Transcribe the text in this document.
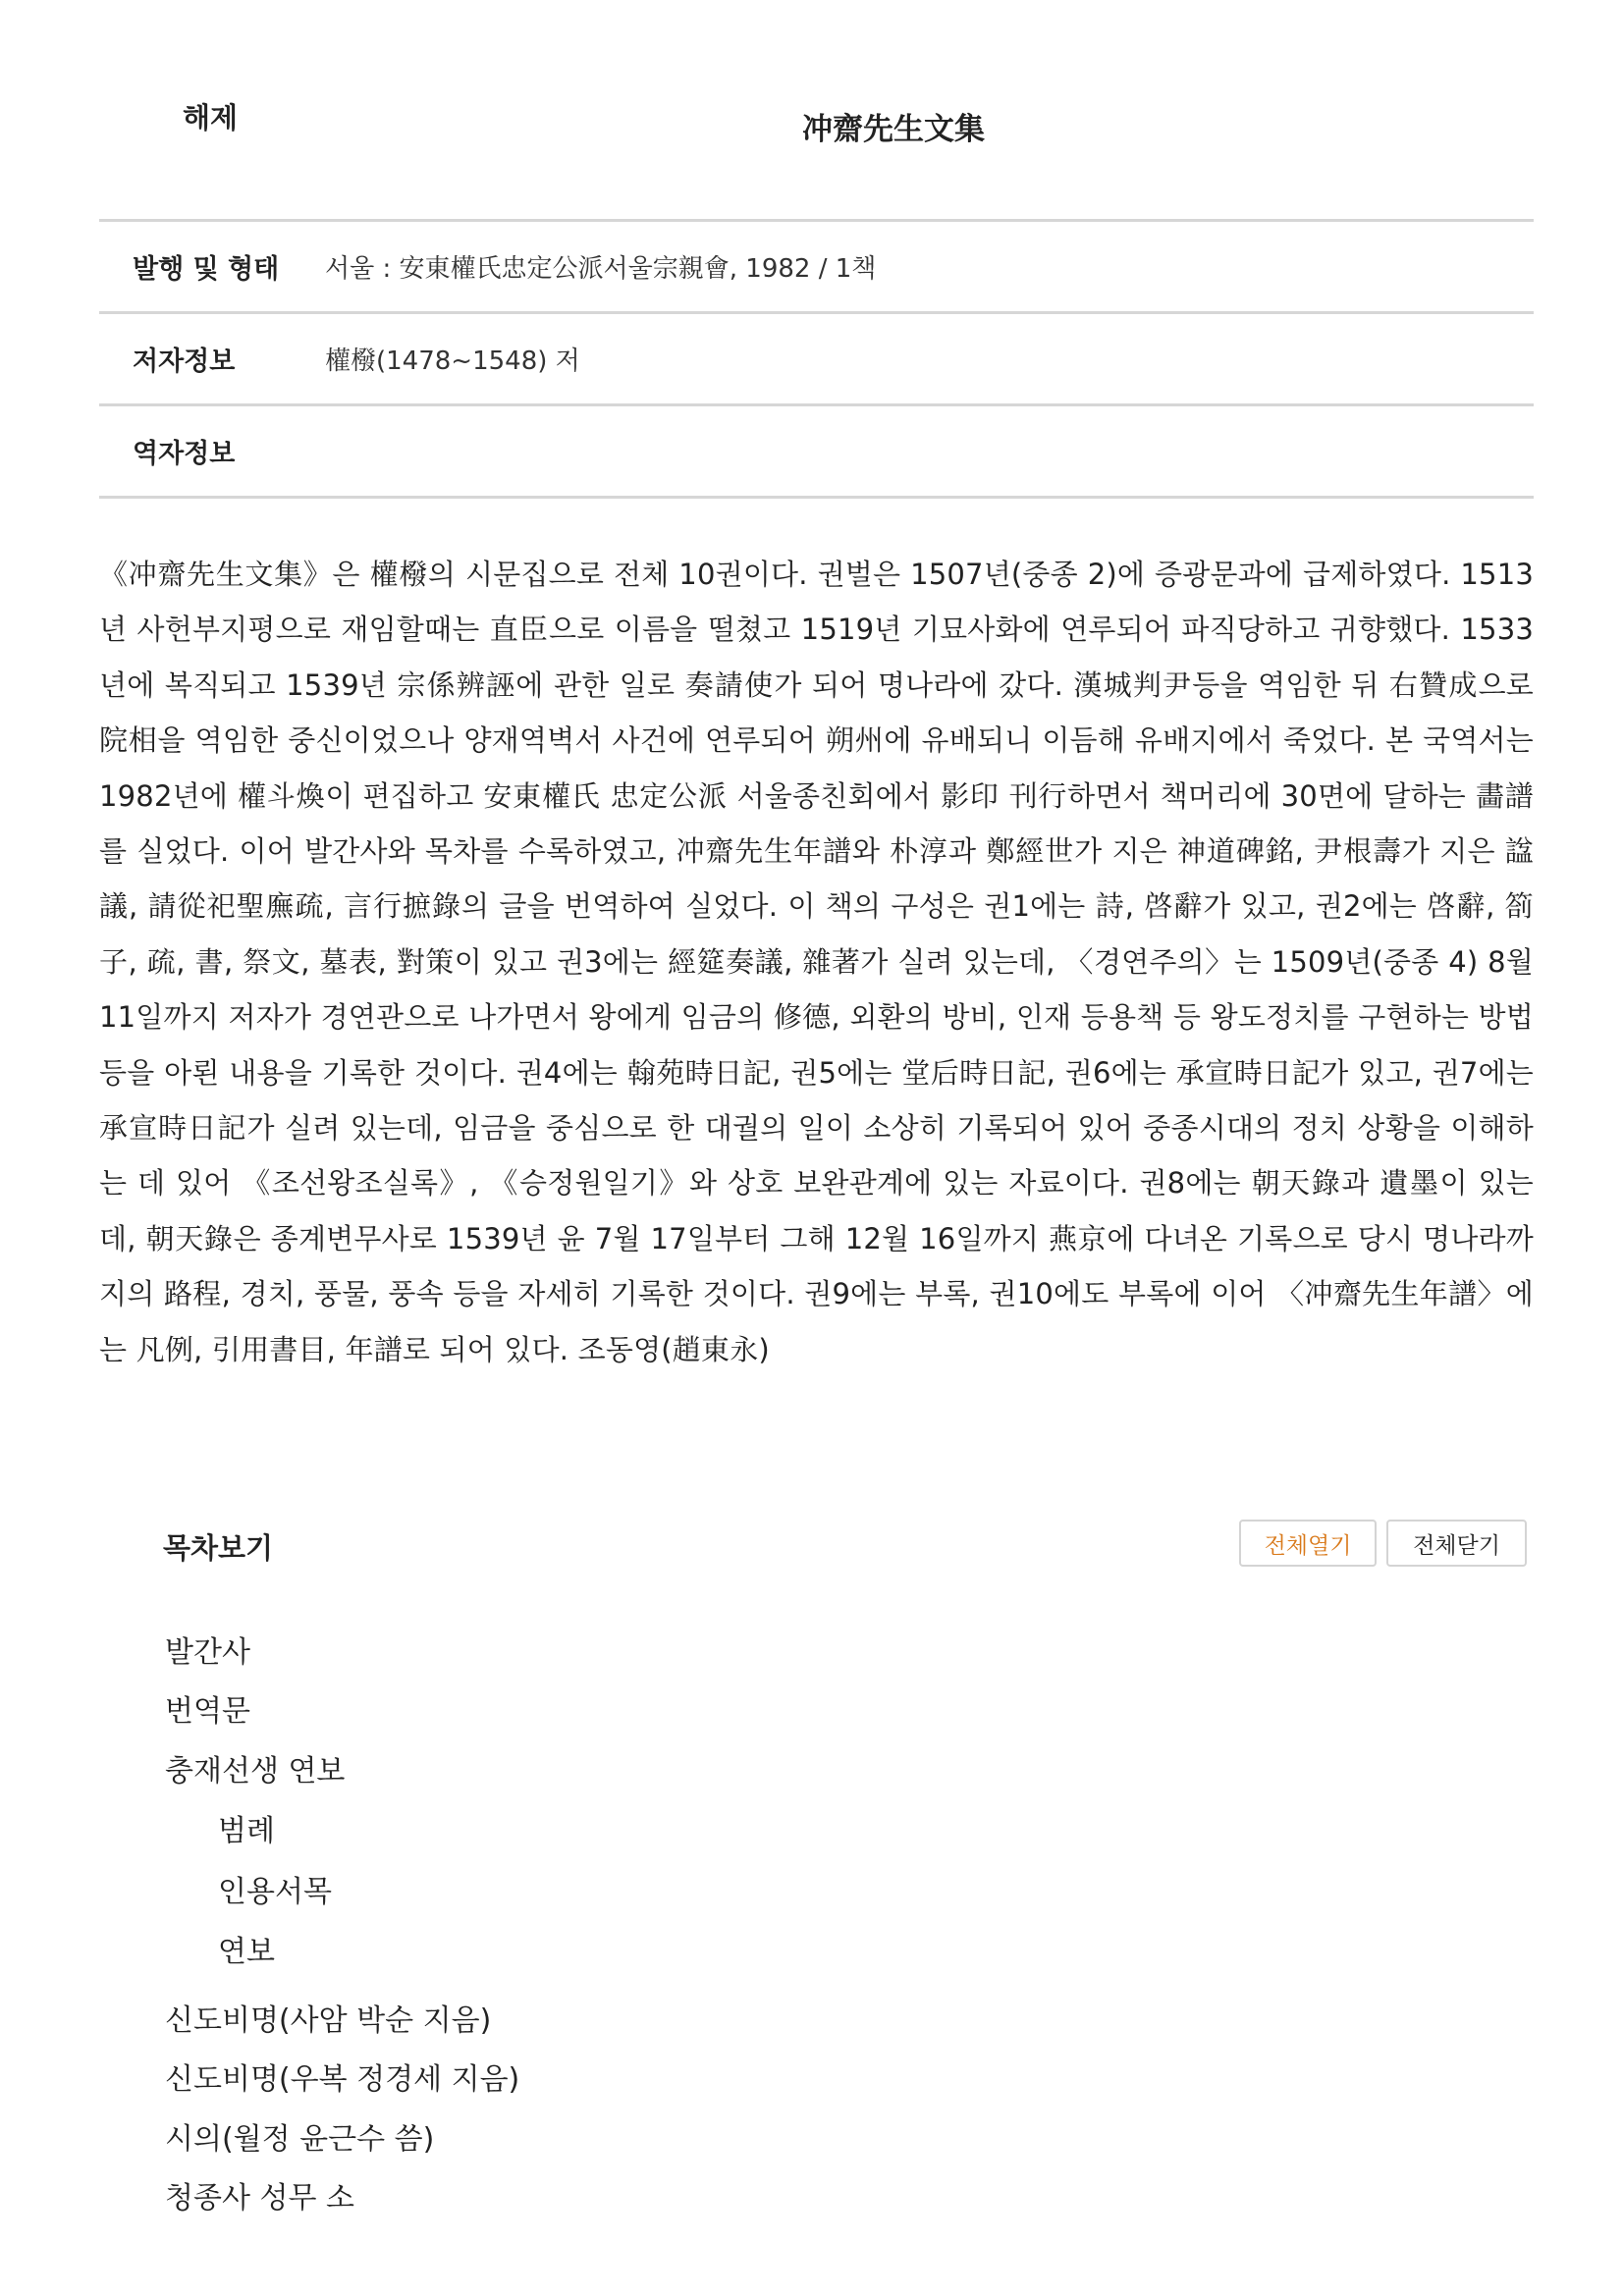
해제	冲齋先生文集
발행 및 형태	서울 : 安東權氏忠定公派서울宗親會, 1982 / 1책
저자정보	權橃(1478~1548) 저
역자정보

《冲齋先生文集》은 權橃의 시문집으로 전체 10권이다. 권벌은 1507년(중종 2)에 증광문과에 급제하였다. 1513년 사헌부지평으로 재임할때는 直臣으로 이름을 떨쳤고 1519년 기묘사화에 연루되어 파직당하고 귀향했다. 1533년에 복직되고 1539년 宗係辨誣에 관한 일로 奏請使가 되어 명나라에 갔다. 漢城判尹등을 역임한 뒤 右贊成으로 院相을 역임한 중신이었으나 양재역벽서 사건에 연루되어 朔州에 유배되니 이듬해 유배지에서 죽었다. 본 국역서는 1982년에 權斗煥이 편집하고 安東權氏 忠定公派 서울종친회에서 影印 刊行하면서 책머리에 30면에 달하는 畵譜를 실었다. 이어 발간사와 목차를 수록하였고, 冲齋先生年譜와 朴淳과 鄭經世가 지은 神道碑銘, 尹根壽가 지은 諡議, 請從祀聖廡疏, 言行摭錄의 글을 번역하여 실었다. 이 책의 구성은 권1에는 詩, 啓辭가 있고, 권2에는 啓辭, 箚子, 疏, 書, 祭文, 墓表, 對策이 있고 권3에는 經筵奏議, 雜著가 실려 있는데, 〈경연주의〉는 1509년(중종 4) 8월11일까지 저자가 경연관으로 나가면서 왕에게 임금의 修德, 외환의 방비, 인재 등용책 등 왕도정치를 구현하는 방법 등을 아뢴 내용을 기록한 것이다. 권4에는 翰苑時日記, 권5에는 堂后時日記, 권6에는 承宣時日記가 있고, 권7에는 承宣時日記가 실려 있는데, 임금을 중심으로 한 대궐의 일이 소상히 기록되어 있어 중종시대의 정치 상황을 이해하는 데 있어 《조선왕조실록》, 《승정원일기》와 상호 보완관계에 있는 자료이다. 권8에는 朝天錄과 遺墨이 있는데, 朝天錄은 종계변무사로 1539년 윤 7월 17일부터 그해 12월 16일까지 燕京에 다녀온 기록으로 당시 명나라까지의 路程, 경치, 풍물, 풍속 등을 자세히 기록한 것이다. 권9에는 부록, 권10에도 부록에 이어 〈冲齋先生年譜〉에는 凡例, 引用書目, 年譜로 되어 있다. 조동영(趙東永)

목차보기	전체열기	전체닫기
발간사
번역문
충재선생 연보
범례
인용서목
연보
신도비명(사암 박순 지음)
신도비명(우복 정경세 지음)
시의(월정 윤근수 씀)
청종사 성무 소
